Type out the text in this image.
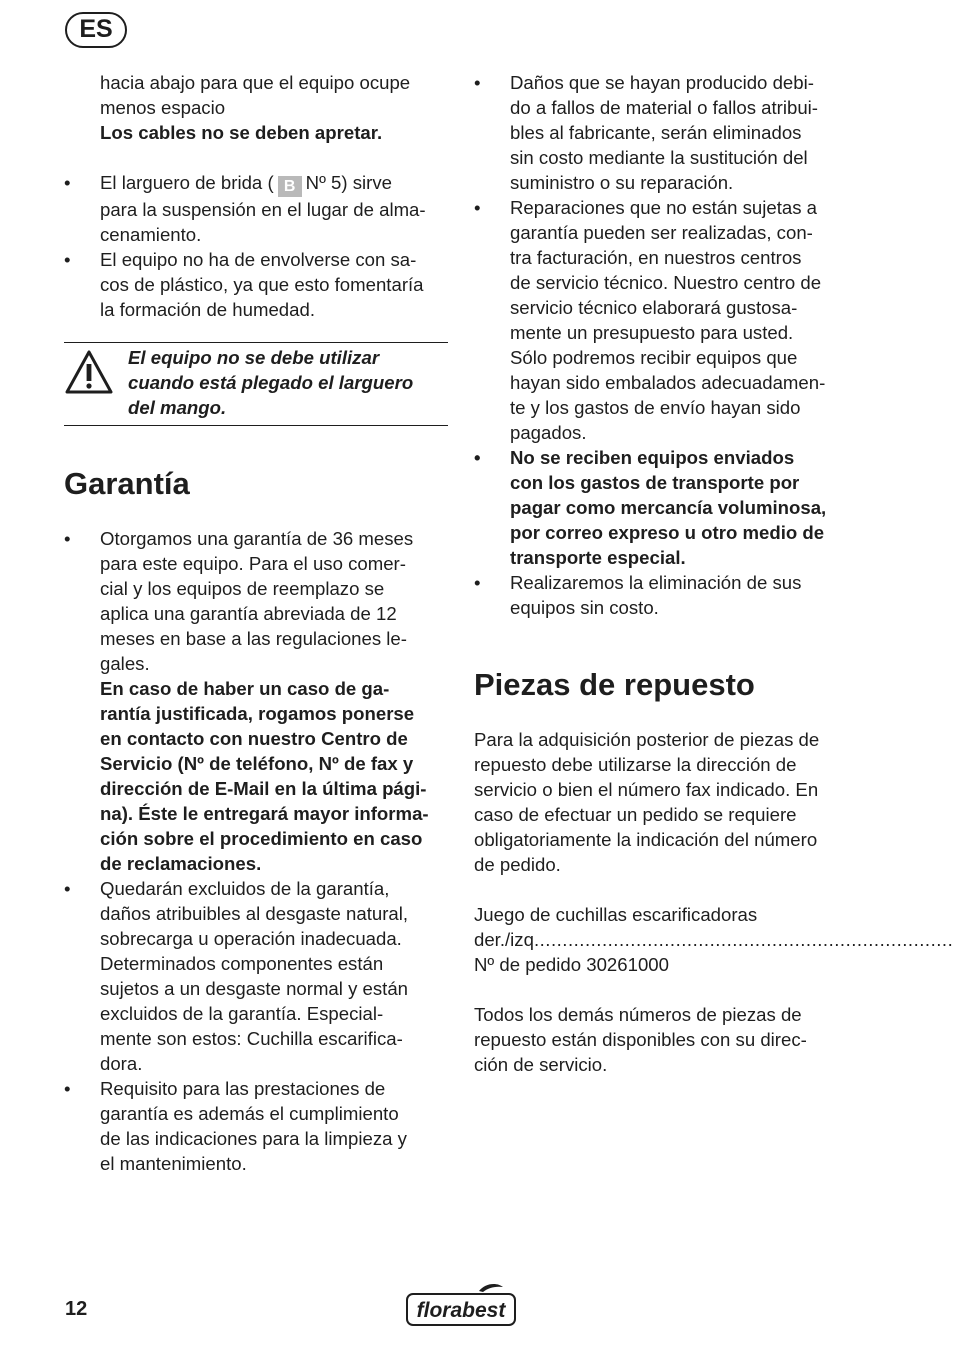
ES

hacia abajo para que el equipo ocupe

menos espacio

Los cables no se deben apretar.

• El larguero de brida ( B Nº 5) sirve

para la suspensión en el lugar de alma-

cenamiento.

• El equipo no ha de envolverse con sa-

cos de plástico, ya que esto fomentaría

la formación de humedad.

El equipo no se debe utilizar

cuando está plegado el larguero

del mango.

Garantía

• Otorgamos una garantía de 36 meses

para este equipo. Para el uso comer-

cial y los equipos de reemplazo se

aplica una garantía abreviada de 12

meses en base a las regulaciones le-

gales.

En caso de haber un caso de ga-

rantía justificada, rogamos ponerse

en contacto con nuestro Centro de

Servicio (Nº de teléfono, Nº de fax y

dirección de E-Mail en la última pági-

na). Éste le entregará mayor informa-

ción sobre el procedimiento en caso

de reclamaciones.

• Quedarán excluidos de la garantía,

daños atribuibles al desgaste natural,

sobrecarga u operación inadecuada.

Determinados componentes están

sujetos a un desgaste normal y están

excluidos de la garantía. Especial-

mente son estos: Cuchilla escarifica-

dora.

• Requisito para las prestaciones de

garantía es además el cumplimiento

de las indicaciones para la limpieza y

el mantenimiento.

• Daños que se hayan producido debi-

do a fallos de material o fallos atribui-

bles al fabricante, serán eliminados

sin costo mediante la sustitución del

suministro o su reparación.

• Reparaciones que no están sujetas a

garantía pueden ser realizadas, con-

tra facturación, en nuestros centros

de servicio técnico. Nuestro centro de

servicio técnico elaborará gustosa-

mente un presupuesto para usted.

Sólo podremos recibir equipos que

hayan sido embalados adecuadamen-

te y los gastos de envío hayan sido

pagados.

• No se reciben equipos enviados

con los gastos de transporte por

pagar como mercancía voluminosa,

por correo expreso u otro medio de

transporte especial.

• Realizaremos la eliminación de sus

equipos sin costo.

Piezas de repuesto

Para la adquisición posterior de piezas de

repuesto debe utilizarse la dirección de

servicio o bien el número fax indicado. En

caso de efectuar un pedido se requiere

obligatoriamente la indicación del número

de pedido.

Juego de cuchillas escarificadoras

der./izq ..........................................................................

Nº de pedido 30261000

Todos los demás números de piezas de

repuesto están disponibles con su direc-

ción de servicio.

12	florabest
